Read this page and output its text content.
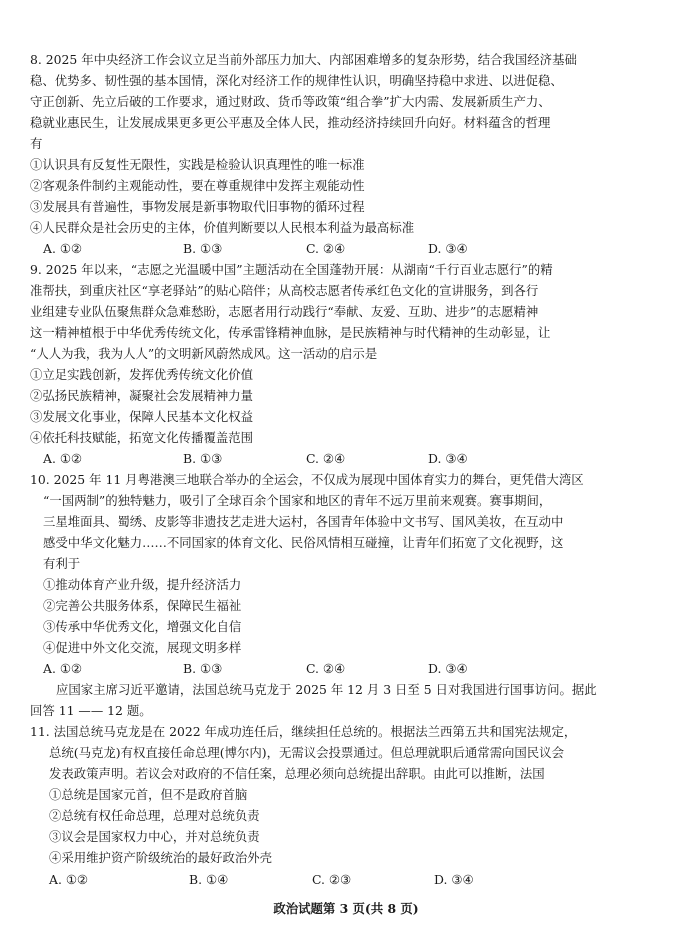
8. 2025 年中央经济工作会议立足当前外部压力加大、内部困难增多的复杂形势，结合我国经济基础
稳、优势多、韧性强的基本国情，深化对经济工作的规律性认识，明确坚持稳中求进、以进促稳、
守正创新、先立后破的工作要求，通过财政、货币等政策“组合拳”扩大内需、发展新质生产力、
稳就业惠民生，让发展成果更多更公平惠及全体人民，推动经济持续回升向好。材料蕴含的哲理
有
①认识具有反复性无限性，实践是检验认识真理性的唯一标准
②客观条件制约主观能动性，要在尊重规律中发挥主观能动性
③发展具有普遍性，事物发展是新事物取代旧事物的循环过程
④人民群众是社会历史的主体，价值判断要以人民根本利益为最高标准
A. ①②	B. ①③	C. ②④	D. ③④
9. 2025 年以来，“志愿之光温暖中国”主题活动在全国蓬勃开展：从湖南“千行百业志愿行”的精
准帮扶，到重庆社区“享老驿站”的贴心陪伴；从高校志愿者传承红色文化的宣讲服务，到各行
业组建专业队伍聚焦群众急难愁盼，志愿者用行动践行“奉献、友爱、互助、进步”的志愿精神
这一精神植根于中华优秀传统文化，传承雷锋精神血脉，是民族精神与时代精神的生动彰显，让
“人人为我，我为人人”的文明新风蔚然成风。这一活动的启示是
①立足实践创新，发挥优秀传统文化价值
②弘扬民族精神，凝聚社会发展精神力量
③发展文化事业，保障人民基本文化权益
④依托科技赋能，拓宽文化传播覆盖范围
A. ①②	B. ①③	C. ②④	D. ③④
10. 2025 年 11 月粤港澳三地联合举办的全运会，不仅成为展现中国体育实力的舞台，更凭借大湾区
“一国两制”的独特魅力，吸引了全球百余个国家和地区的青年不远万里前来观赛。赛事期间，
三星堆面具、蜀绣、皮影等非遗技艺走进大运村，各国青年体验中文书写、国风美妆，在互动中
感受中华文化魅力……不同国家的体育文化、民俗风情相互碰撞，让青年们拓宽了文化视野，这
有利于
①推动体育产业升级，提升经济活力
②完善公共服务体系，保障民生福祉
③传承中华优秀文化，增强文化自信
④促进中外文化交流，展现文明多样
A. ①②	B. ①③	C. ②④	D. ③④
应国家主席习近平邀请，法国总统马克龙于 2025 年 12 月 3 日至 5 日对我国进行国事访问。据此
回答 11 —— 12 题。
11. 法国总统马克龙是在 2022 年成功连任后，继续担任总统的。根据法兰西第五共和国宪法规定，
总统(马克龙)有权直接任命总理(博尔内)，无需议会投票通过。但总理就职后通常需向国民议会
发表政策声明。若议会对政府的不信任案，总理必须向总统提出辞职。由此可以推断，法国
①总统是国家元首，但不是政府首脑
②总统有权任命总理，总理对总统负责
③议会是国家权力中心，并对总统负责
④采用维护资产阶级统治的最好政治外壳
A. ①②	B. ①④	C. ②③	D. ③④
政治试题第 3 页(共 8 页)
